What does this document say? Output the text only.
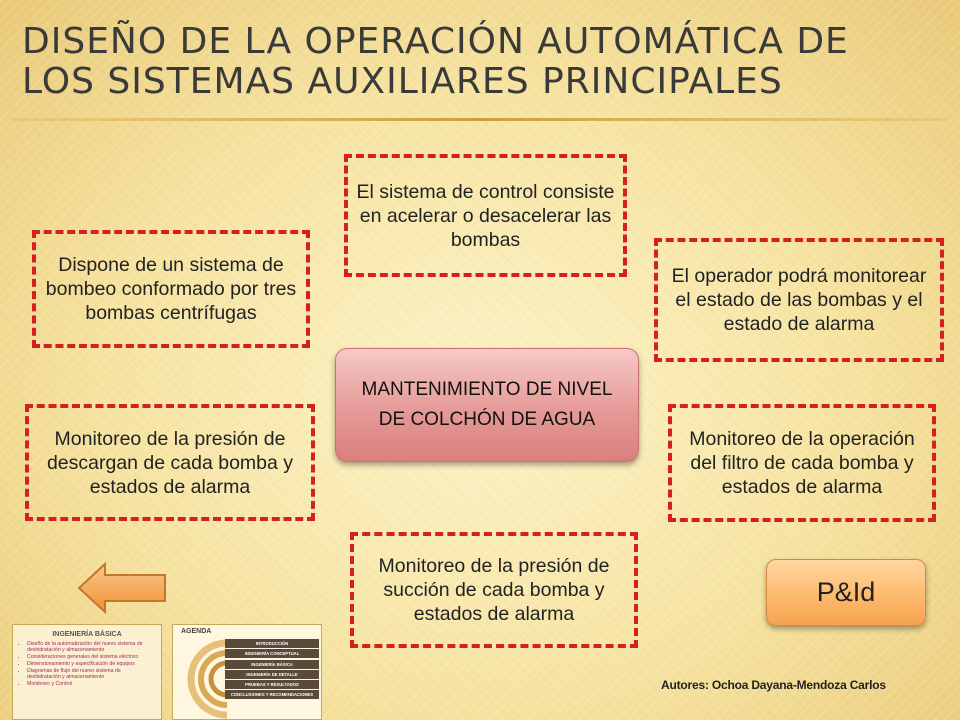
DISEÑO DE LA OPERACIÓN AUTOMÁTICA DE LOS SISTEMAS AUXILIARES PRINCIPALES
El sistema de control consiste en acelerar o desacelerar las bombas
Dispone de un sistema de bombeo conformado por tres bombas centrífugas
El operador podrá monitorear el estado de las bombas y el estado de alarma
MANTENIMIENTO DE NIVEL DE COLCHÓN DE AGUA
Monitoreo de la presión de descargan de cada bomba y estados de alarma
Monitoreo de la operación del filtro de cada bomba y estados de alarma
Monitoreo de la presión de succión de cada bomba y estados de alarma
P&Id
INGENIERÍA BÁSICA
• Diseño de la automatización del nuevo sistema de deshidratación y almacenamiento
• Consideraciones generales del sistema eléctrico
• Dimensionamiento y especificación de equipos
• Diagramas de flujo del nuevo sistema de deshidratación y almacenamiento
• Monitoreo y Control
AGENDA
INTRODUCCIÓN
INGENIERÍA CONCEPTUAL
INGENIERÍA BÁSICA
INGENIERÍA DE DETALLE
PRUEBAS Y RESULTADOS
CONCLUSIONES Y RECOMENDACIONES
Autores: Ochoa Dayana-Mendoza Carlos
